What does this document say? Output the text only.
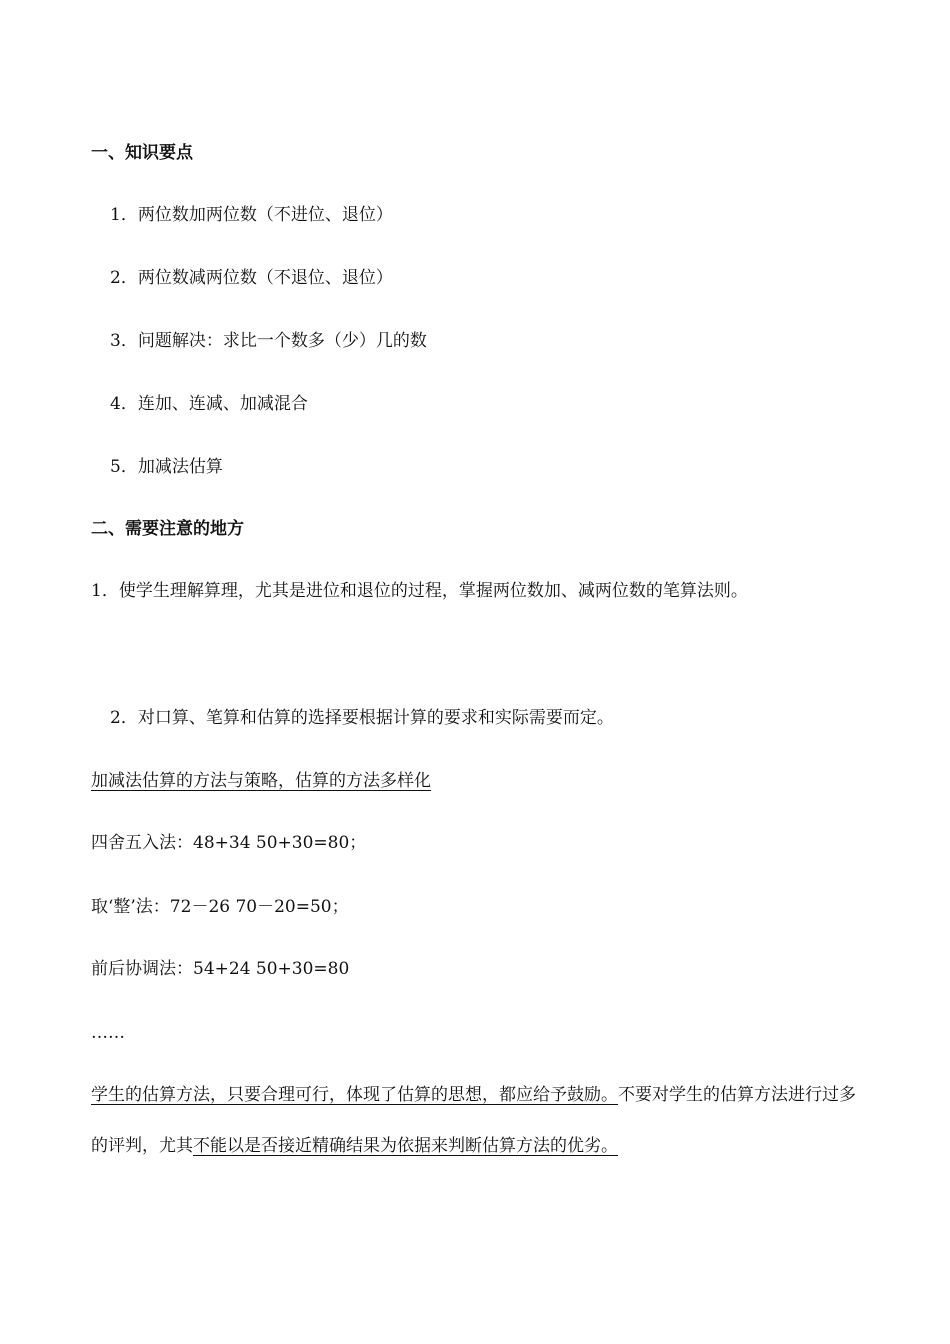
一、知识要点
1．两位数加两位数（不进位、退位）
2．两位数减两位数（不退位、退位）
3．问题解决：求比一个数多（少）几的数
4．连加、连减、加减混合
5．加减法估算
二、需要注意的地方
1．使学生理解算理，尤其是进位和退位的过程，掌握两位数加、减两位数的笔算法则。
2．对口算、笔算和估算的选择要根据计算的要求和实际需要而定。
加减法估算的方法与策略，估算的方法多样化
四舍五入法：48+34 50+30=80；
取‘整’法：72－26 70－20=50；
前后协调法：54+24 50+30=80
……
学生的估算方法，只要合理可行，体现了估算的思想，都应给予鼓励。不要对学生的估算方法进行过多的评判，尤其不能以是否接近精确结果为依据来判断估算方法的优劣。
